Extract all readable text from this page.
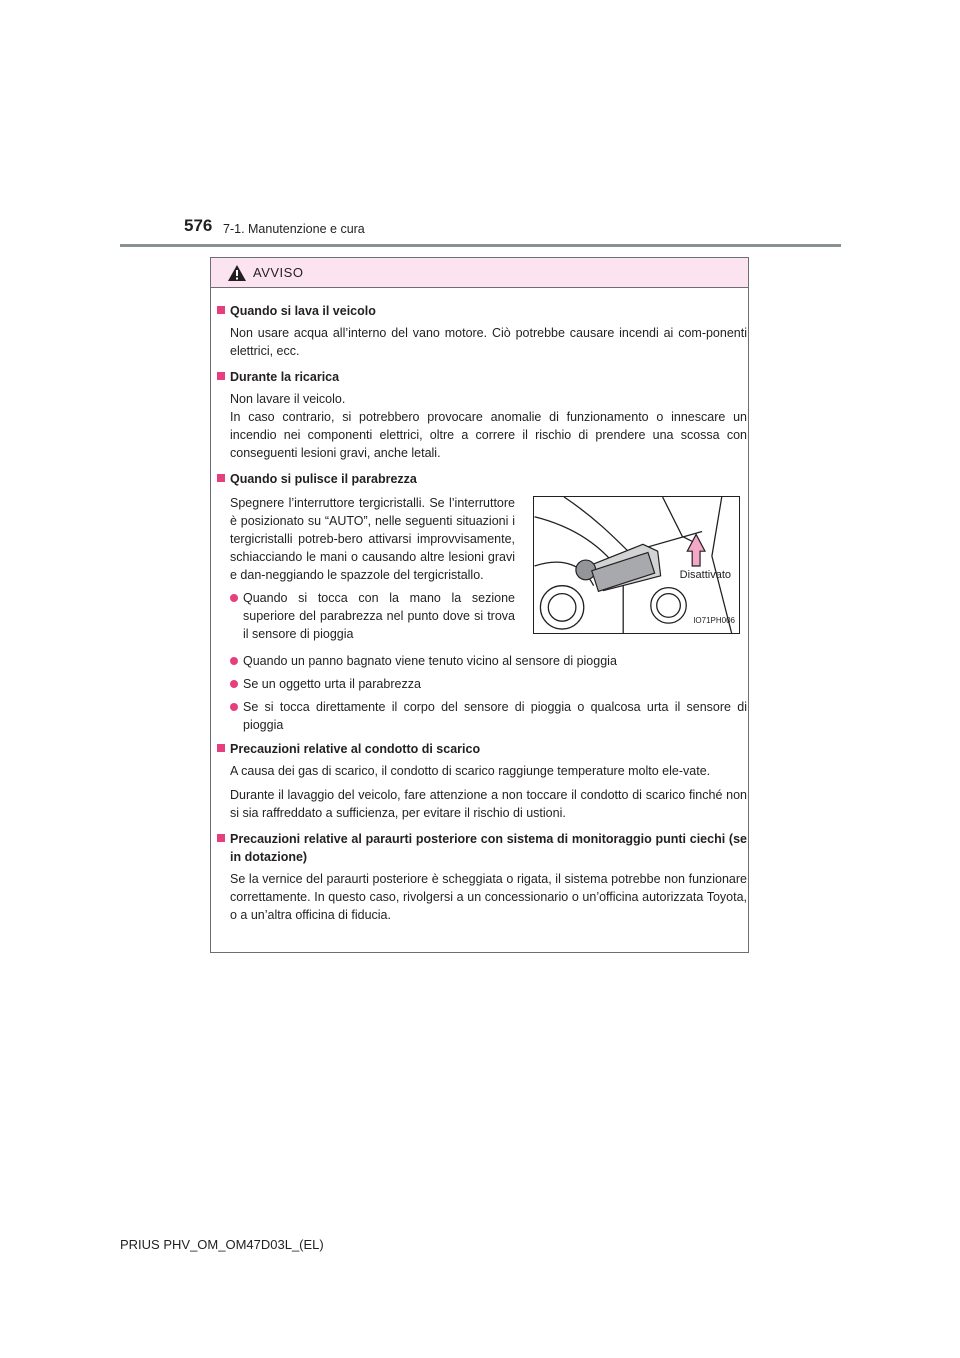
576 7-1. Manutenzione e cura
AVVISO
Quando si lava il veicolo
Non usare acqua all’interno del vano motore. Ciò potrebbe causare incendi ai com-ponenti elettrici, ecc.
Durante la ricarica
Non lavare il veicolo.
In caso contrario, si potrebbero provocare anomalie di funzionamento o innescare un incendio nei componenti elettrici, oltre a correre il rischio di prendere una scossa con conseguenti lesioni gravi, anche letali.
Quando si pulisce il parabrezza
Spegnere l’interruttore tergicristalli. Se l’interruttore è posizionato su “AUTO”, nelle seguenti situazioni i tergicristalli potreb-bero attivarsi improvvisamente, schiacciando le mani o causando altre lesioni gravi e dan-neggiando le spazzole del tergicristallo.
Quando si tocca con la mano la sezione superiore del parabrezza nel punto dove si trova il sensore di pioggia
Disattivato
IO71PH006
Quando un panno bagnato viene tenuto vicino al sensore di pioggia
Se un oggetto urta il parabrezza
Se si tocca direttamente il corpo del sensore di pioggia o qualcosa urta il sensore di pioggia
Precauzioni relative al condotto di scarico
A causa dei gas di scarico, il condotto di scarico raggiunge temperature molto ele-vate.
Durante il lavaggio del veicolo, fare attenzione a non toccare il condotto di scarico finché non si sia raffreddato a sufficienza, per evitare il rischio di ustioni.
Precauzioni relative al paraurti posteriore con sistema di monitoraggio punti ciechi (se in dotazione)
Se la vernice del paraurti posteriore è scheggiata o rigata, il sistema potrebbe non funzionare correttamente. In questo caso, rivolgersi a un concessionario o un’officina autorizzata Toyota, o a un’altra officina di fiducia.
PRIUS PHV_OM_OM47D03L_(EL)
